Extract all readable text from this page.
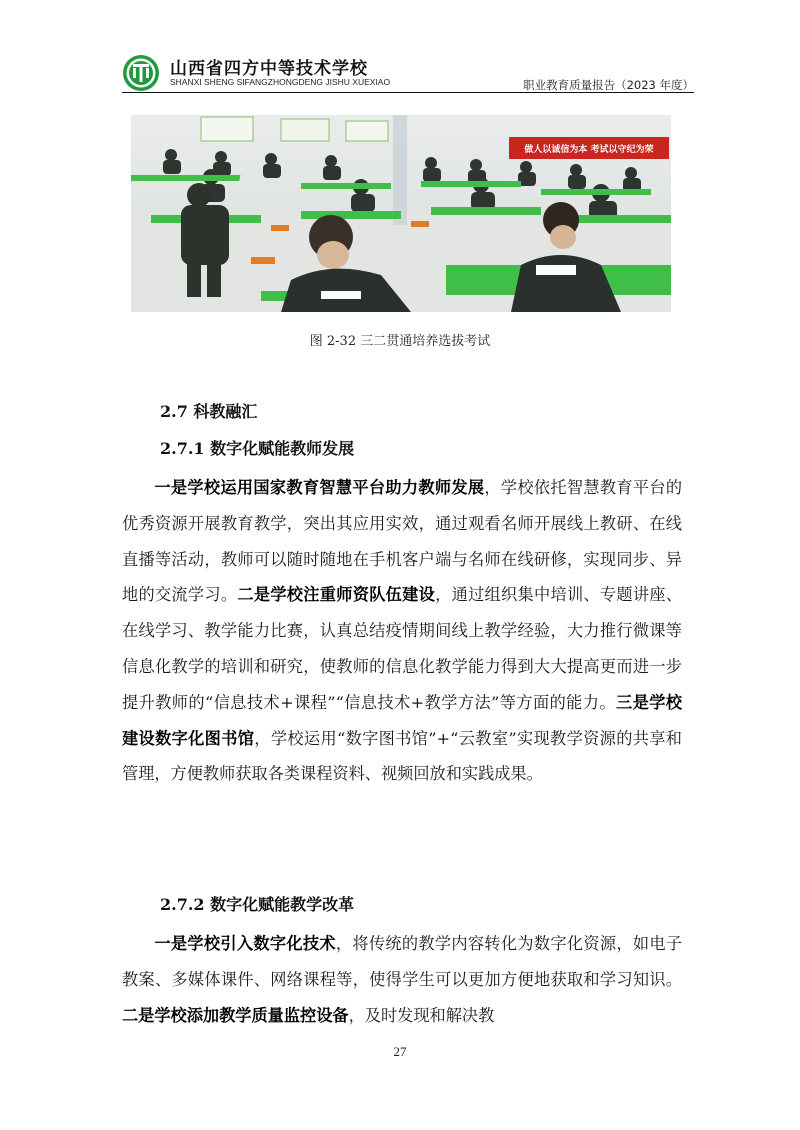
山西省四方中等技术学校
SHANXI SHENG SIFANGZHONGDENG JISHU XUEXIAO	职业教育质量报告（2023 年度）
做人以诚信为本 考试以守纪为荣
图 2-32 三二贯通培养选拔考试
2.7 科教融汇
2.7.1 数字化赋能教师发展

一是学校运用国家教育智慧平台助力教师发展，学校依托智慧教育平台的优秀资源开展教育教学，突出其应用实效，通过观看名师开展线上教研、在线直播等活动，教师可以随时随地在手机客户端与名师在线研修，实现同步、异地的交流学习。二是学校注重师资队伍建设，通过组织集中培训、专题讲座、在线学习、教学能力比赛，认真总结疫情期间线上教学经验，大力推行微课等信息化教学的培训和研究，使教师的信息化教学能力得到大大提高更而进一步提升教师的“信息技术+课程”“信息技术+教学方法”等方面的能力。三是学校建设数字化图书馆，学校运用“数字图书馆”+“云教室”实现教学资源的共享和管理，方便教师获取各类课程资料、视频回放和实践成果。

2.7.2 数字化赋能教学改革

一是学校引入数字化技术，将传统的教学内容转化为数字化资源，如电子教案、多媒体课件、网络课程等，使得学生可以更加方便地获取和学习知识。二是学校添加教学质量监控设备，及时发现和解决教

27
